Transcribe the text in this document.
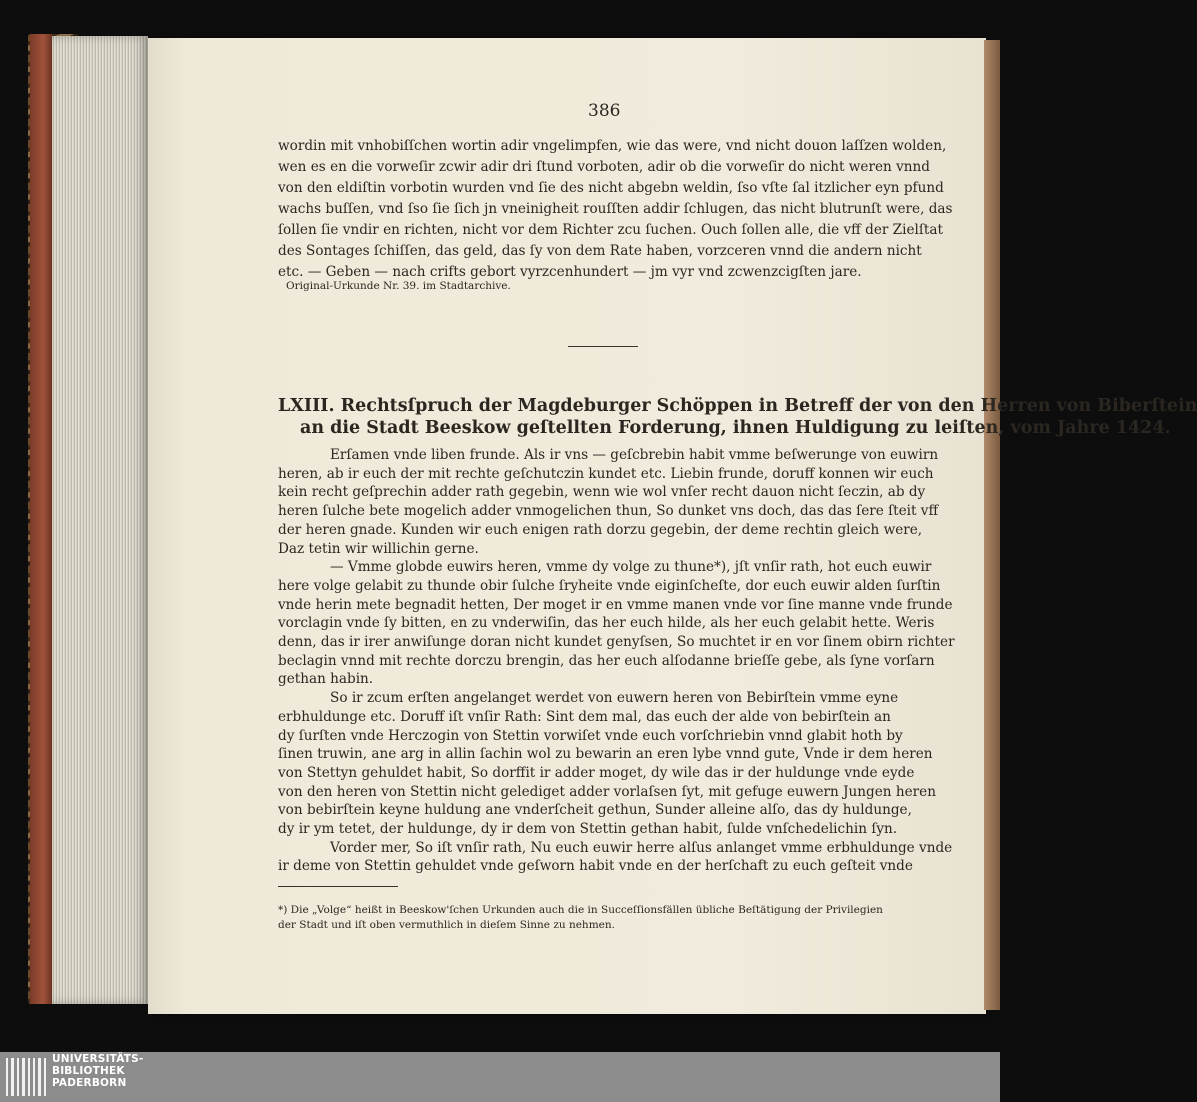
386
wordin mit vnhobiſſchen wortin adir vngelimpfen, wie das were, vnd nicht douon laſſzen wolden,
wen es en die vorweſir zcwir adir dri ſtund vorboten, adir ob die vorweſir do nicht weren vnnd
von den eldiſtin vorbotin wurden vnd ſie des nicht abgebn weldin, ſso vſte ſal itzlicher eyn pfund
wachs buſſen, vnd ſso ſie ſich jn vneinigheit rouſſten addir ſchlugen, das nicht blutrunſt were, das
ſollen ſie vndir en richten, nicht vor dem Richter zcu ſuchen. Ouch ſollen alle, die vff der Zielſtat
des Sontages ſchiſſen, das geld, das ſy von dem Rate haben, vorzceren vnnd die andern nicht
etc. — Geben — nach crifts gebort vyrzcenhundert — jm vyr vnd zcwenzcigſten jare.
Original-Urkunde Nr. 39. im Stadtarchive.
LXIII. Rechtsſpruch der Magdeburger Schöppen in Betreff der von den Herren von Biberſtein
an die Stadt Beeskow geſtellten Forderung, ihnen Huldigung zu leiſten, vom Jahre 1424.
Erſamen vnde liben frunde. Als ir vns — geſcbrebin habit vmme beſwerunge von euwirn
heren, ab ir euch der mit rechte geſchutczin kundet etc. Liebin frunde, doruff konnen wir euch
kein recht geſprechin adder rath gegebin, wenn wie wol vnſer recht dauon nicht ſeczin, ab dy
heren ſulche bete mogelich adder vnmogelichen thun, So dunket vns doch, das das ſere ſteit vff
der heren gnade. Kunden wir euch enigen rath dorzu gegebin, der deme rechtin gleich were,
Daz tetin wir willichin gerne.
— Vmme globde euwirs heren, vmme dy volge zu thune*), jſt vnſir rath, hot euch euwir
here volge gelabit zu thunde obir ſulche ſryheite vnde eiginſcheſte, dor euch euwir alden ſurſtin
vnde herin mete begnadit hetten, Der moget ir en vmme manen vnde vor ſine manne vnde frunde
vorclagin vnde ſy bitten, en zu vnderwiſin, das her euch hilde, als her euch gelabit hette. Weris
denn, das ir irer anwiſunge doran nicht kundet genyſsen, So muchtet ir en vor ſinem obirn richter
beclagin vnnd mit rechte dorczu brengin, das her euch alſodanne brieſſe gebe, als ſyne vorſarn
gethan habin.
So ir zcum erſten angelanget werdet von euwern heren von Bebirſtein vmme eyne
erbhuldunge etc. Doruff iſt vnſir Rath: Sint dem mal, das euch der alde von bebirſtein an
dy ſurſten vnde Herczogin von Stettin vorwiſet vnde euch vorſchriebin vnnd glabit hoth by
ſinen truwin, ane arg in allin ſachin wol zu bewarin an eren lybe vnnd gute, Vnde ir dem heren
von Stettyn gehuldet habit, So dorffit ir adder moget, dy wile das ir der huldunge vnde eyde
von den heren von Stettin nicht gelediget adder vorlaſsen ſyt, mit gefuge euwern Jungen heren
von bebirſtein keyne huldung ane vnderſcheit gethun, Sunder alleine alſo, das dy huldunge,
dy ir ym tetet, der huldunge, dy ir dem von Stettin gethan habit, ſulde vnſchedelichin ſyn.
Vorder mer, So iſt vnſir rath, Nu euch euwir herre alſus anlanget vmme erbhuldunge vnde
ir deme von Stettin gehuldet vnde geſworn habit vnde en der herſchaft zu euch geſteit vnde
*) Die „Volge“ heißt in Beeskow'ſchen Urkunden auch die in Succeſſionsfällen übliche Beſtätigung der Privilegien
der Stadt und iſt oben vermuthlich in dieſem Sinne zu nehmen.
UNIVERSITÄTS-
BIBLIOTHEK
PADERBORN
